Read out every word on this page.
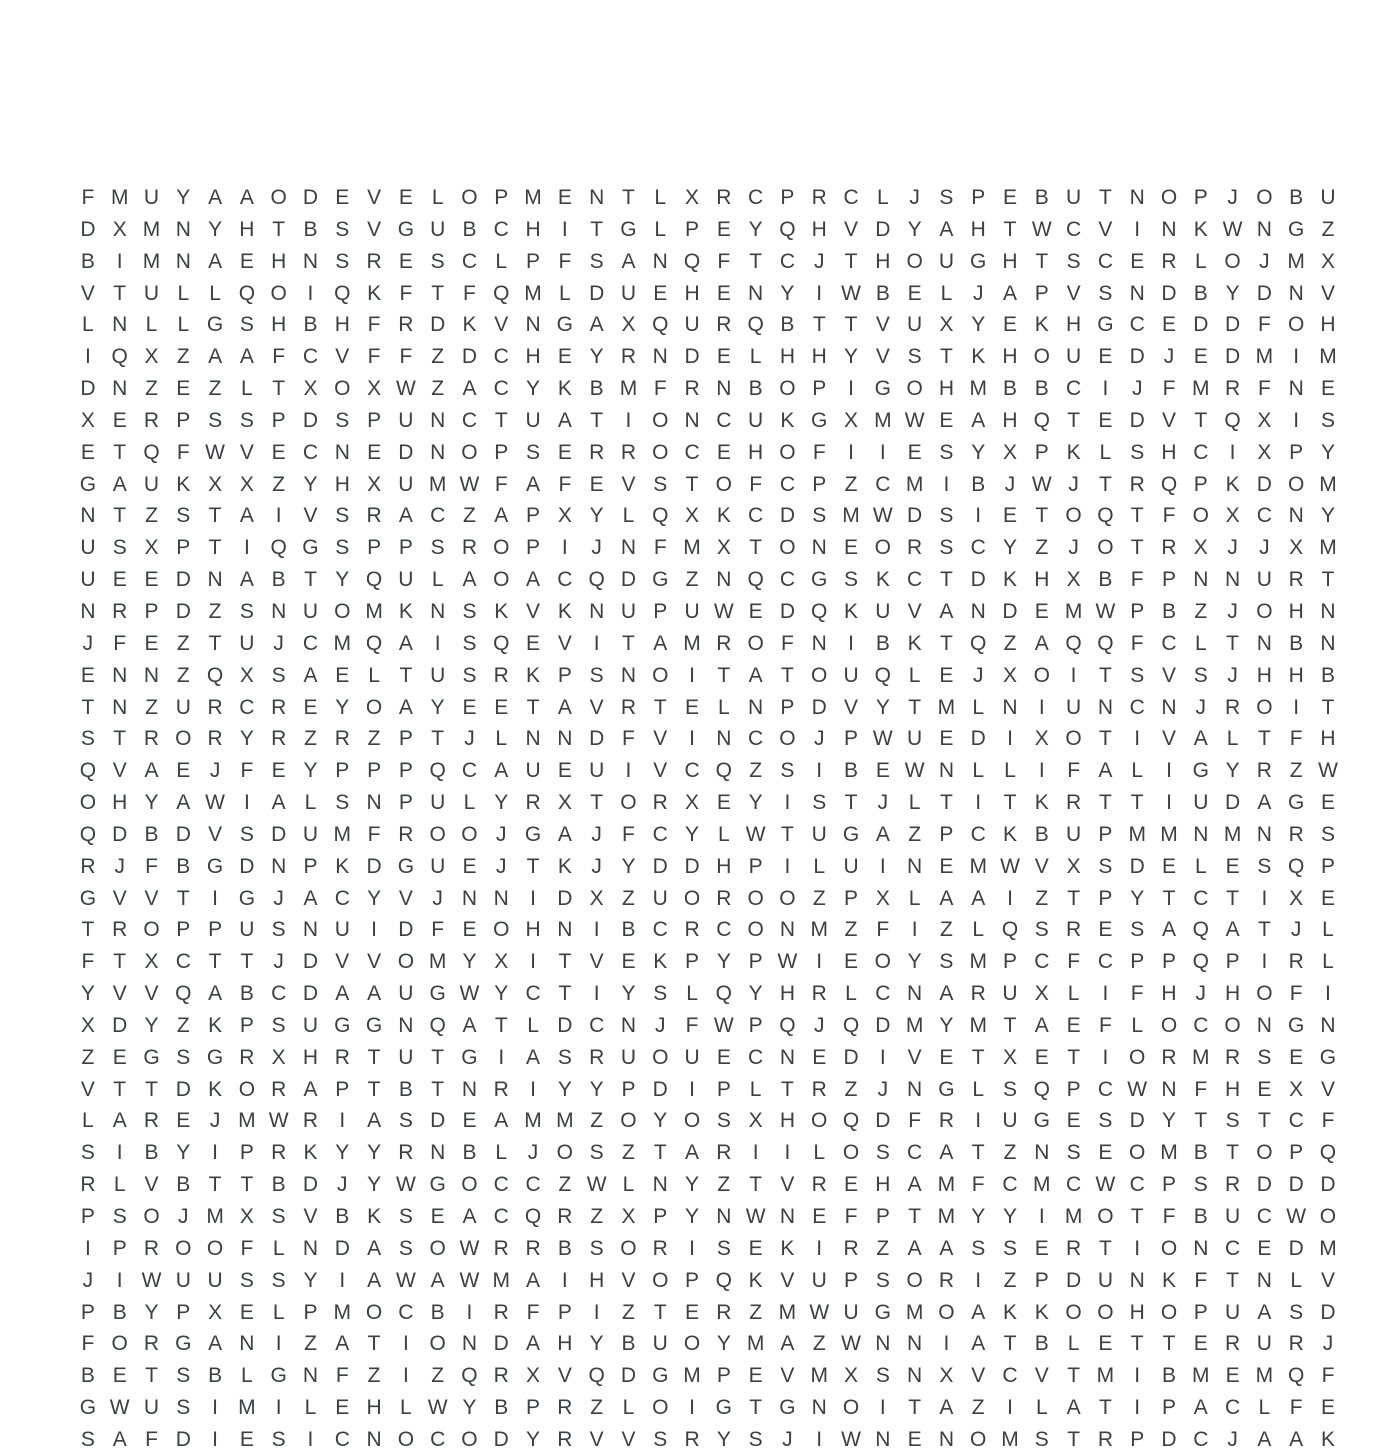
F M U Y A A O D E V E L O P M E N T L X R C P R C L J S P E B U T N O P J O B U
D X M N Y H T B S V G U B C H	I	T G L P E Y Q H V D Y A H T W C V	I	N K W N G Z
B	I M N A E H N S R E S C L P F S A N Q F T C J T H O U G H T S C E R L O J M X
V T U L L Q O I Q K F T F Q M L D U E H E N Y	I W B E L J A P V S N D B Y D N V
L N L L G S H B H F R D K V N G A X Q U R Q B T T V U X Y E K H G C E D D F O H
I Q X Z A A F C V F F Z D C H E Y R N D E L H H Y V S T K H O U E D J E D M I M
D N Z E Z L T X O X W Z A C Y K B M F R N B O P	I G O H M B B C	I	J F M R F N E
X E R P S S P D S P U N C T U A T	I O N C U K G X M W E A H Q T E D V T Q X	I	S
E T Q F W V E C N E D N O P S E R R O C E H O F	I	I	E S Y X P K L S H C	I	X P Y
G A U K X X Z Y H X U M W F A F E V S T O F C P Z C M I	B J W J T R Q P K D O M
N T Z S T A	I	V S R A C Z A P X Y L Q X K C D S M W D S	I	E T O Q T F O X C N Y
U S X P T	I Q G S P P S R O P	I	J N F M X T O N E O R S C Y Z J O T R X J	J X M
U E E D N A B T Y Q U L A O A C Q D G Z N Q C G S K C T D K H X B F P N N U R T
N R P D Z S N U O M K N S K V K N U P U W E D Q K U V A N D E M W P B Z J O H N
J F E Z T U J C M Q A	I	S Q E V	I	T A M R O F N	I	B K T Q Z A Q Q F C L T N B N
E N N Z Q X S A E L T U S R K P S N O I	T A T O U Q L E J X O I	T S V S J H H B
T N Z U R C R E Y O A Y E E T A V R T E L N P D V Y T M L N	I	U N C N J R O I	T
S T R O R Y R Z R Z P T J L N N D F V	I	N C O J P W U E D	I	X O T	I	V A L T F H
Q V A E J F E Y P P P Q C A U E U	I	V C Q Z S	I	B E W N L L	I	F A L	I G Y R Z W
O H Y A W I	A L S N P U L Y R X T O R X E Y	I	S T J L T	I	T K R T T	I	U D A G E
Q D B D V S D U M F R O O J G A J F C Y L W T U G A Z P C K B U P M M N M N R S
R J F B G D N P K D G U E J T K J Y D D H P	I	L U	I	N E M W V X S D E L E S Q P
G V V T	I G J A C Y V J N N	I	D X Z U O R O O Z P X L A A	I	Z T P Y T C T	I	X E
T R O P P U S N U	I	D F E O H N	I	B C R C O N M Z F	I	Z L Q S R E S A Q A T J L
F T X C T T J D V V O M Y X	I	T V E K P Y P W I	E O Y S M P C F C P P Q P	I	R L
Y V V Q A B C D A A U G W Y C T	I	Y S L Q Y H R L C N A R U X L	I	F H J H O F	I
X D Y Z K P S U G G N Q A T L D C N J F W P Q J Q D M Y M T A E F L O C O N G N
Z E G S G R X H R T U T G I	A S R U O U E C N E D	I	V E T X E T	I O R M R S E G
V T T D K O R A P T B T N R	I	Y Y P D	I	P L T R Z J N G L S Q P C W N F H E X V
L A R E J M W R	I	A S D E A M M Z O Y O S X H O Q D F R	I	U G E S D Y T S T C F
S	I	B Y	I	P R K Y Y R N B L J O S Z T A R	I	I	L O S C A T Z N S E O M B T O P Q
R L V B T T B D J Y W G O C C Z W L N Y Z T V R E H A M F C M C W C P S R D D D
P S O J M X S V B K S E A C Q R Z X P Y N W N E F P T M Y Y	I M O T F B U C W O
I	P R O O F L N D A S O W R R B S O R	I	S E K	I	R Z A A S S E R T	I O N C E D M
J	I W U U S S Y	I	A W A W M A	I	H V O P Q K V U P S O R	I	Z P D U N K F T N L V
P B Y P X E L P M O C B	I	R F P	I	Z T E R Z M W U G M O A K K O O H O P U A S D
F O R G A N	I	Z A T	I O N D A H Y B U O Y M A Z W N N	I	A T B L E T T E R U R J
B E T S B L G N F Z	I	Z Q R X V Q D G M P E V M X S N X V C V T M I	B M E M Q F
G W U S	I M I	L E H L W Y B P R Z L O I G T G N O I	T A Z	I	L A T	I	P A C L F E
S A F D	I	E S	I	C N O C O D Y R V V S R Y S J	I W N E N O M S T R P D C J A A K
